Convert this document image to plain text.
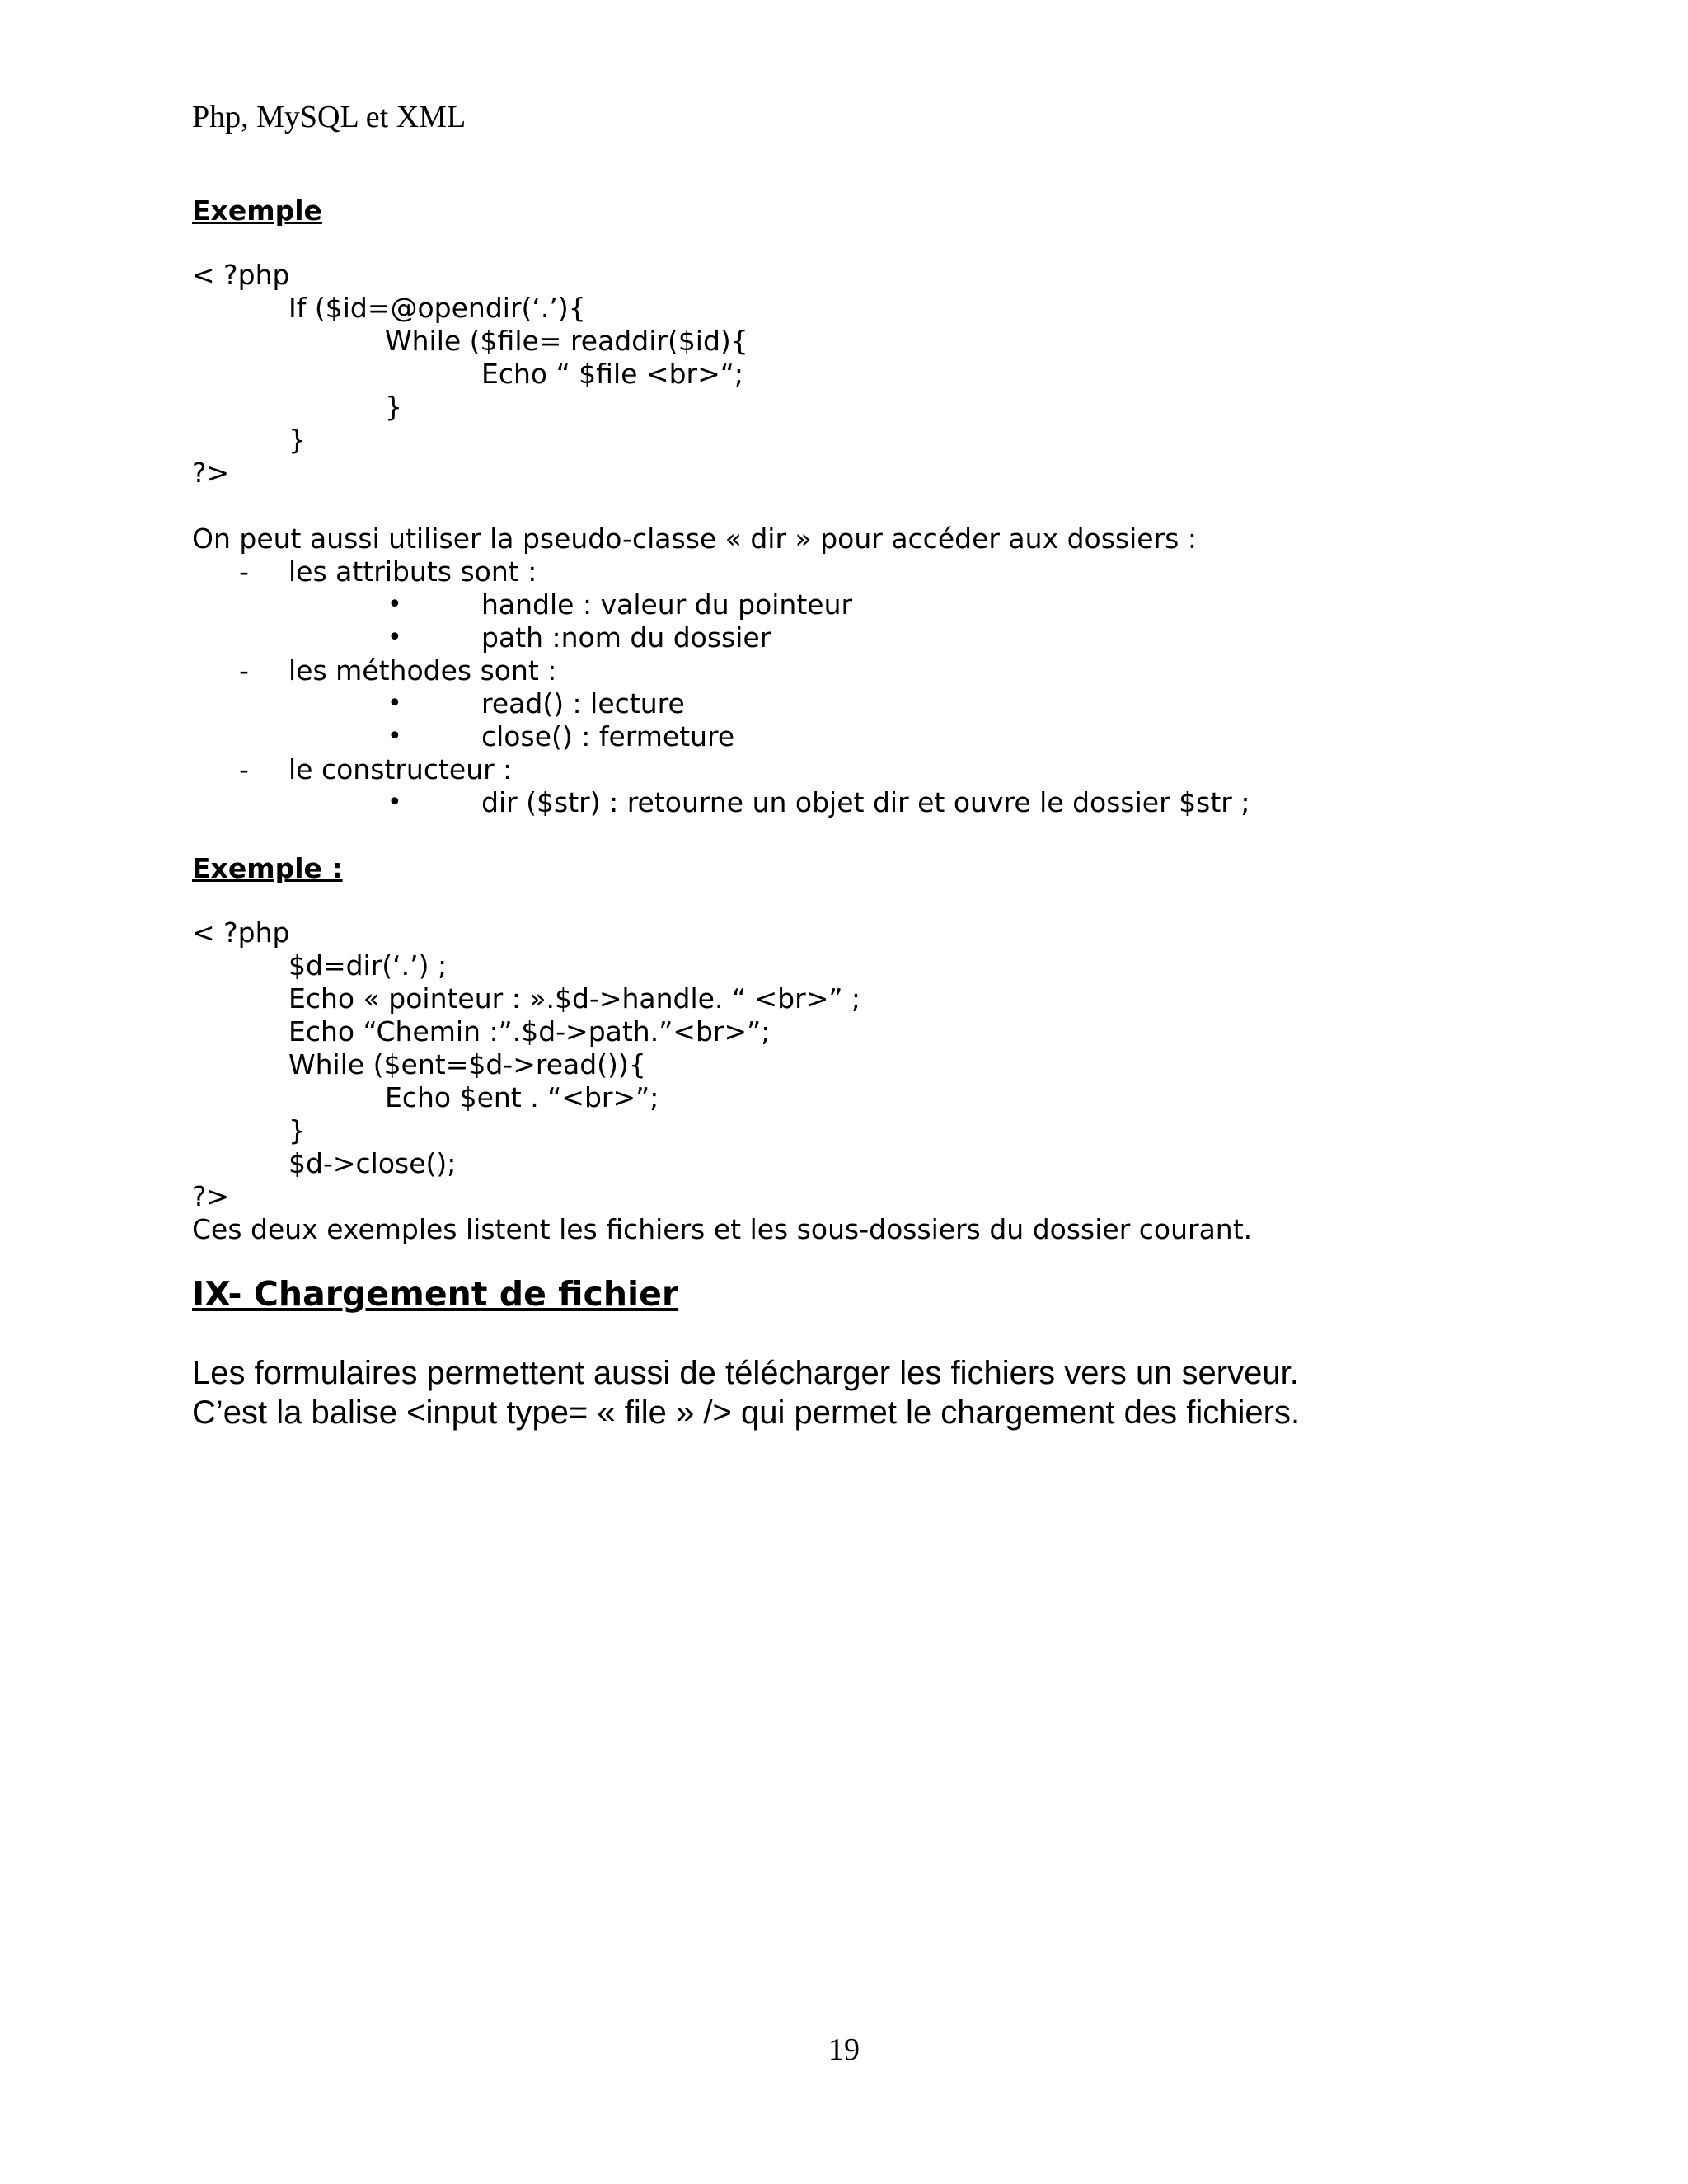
Php, MySQL et XML
Exemple
< ?php
If ($id=@opendir(‘.’){
While ($file= readdir($id){
Echo “ $file <br>“;
}
}
?>
On peut aussi utiliser la pseudo-classe « dir » pour accéder aux dossiers :
- les attributs sont :
•	handle : valeur du pointeur
•	path :nom du dossier
- les méthodes sont :
•	read() : lecture
•	close() : fermeture
- le constructeur :
•	dir ($str) : retourne un objet dir et ouvre le dossier $str ;
Exemple :
< ?php
$d=dir(‘.’) ;
Echo « pointeur : ».$d->handle. “ <br>” ;
Echo “Chemin :”.$d->path.”<br>”;
While ($ent=$d->read()){
Echo $ent . “<br>”;
}
$d->close();
?>
Ces deux exemples listent les fichiers et les sous-dossiers du dossier courant.
IX- Chargement de fichier
Les formulaires permettent aussi de télécharger les fichiers vers un serveur.
C’est la balise <input type= « file » /> qui permet le chargement des fichiers.
19
